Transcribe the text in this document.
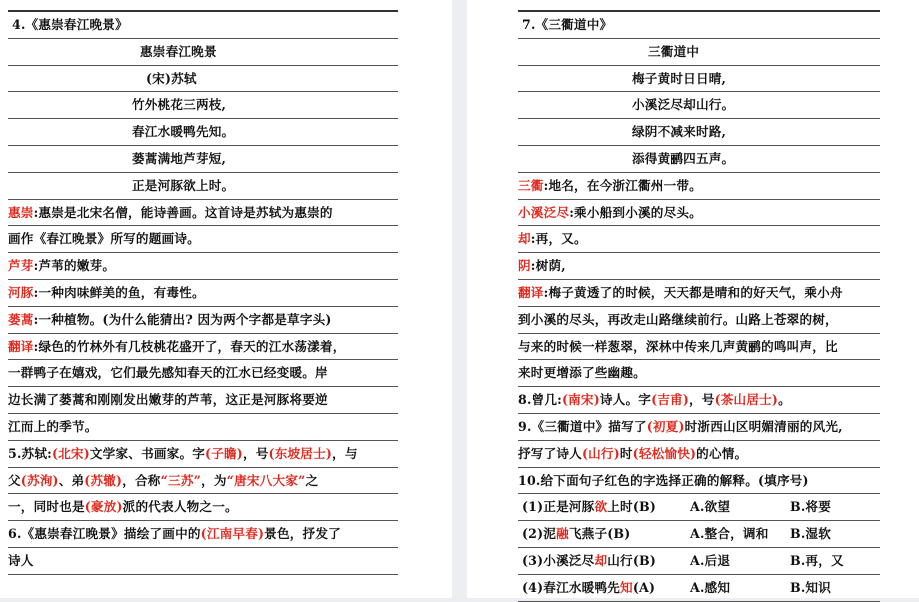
4.《惠崇春江晚景》
惠崇春江晚景
(宋)苏轼
竹外桃花三两枝,
春江水暖鸭先知。
蒌蒿满地芦芽短,
正是河豚欲上时。
惠崇:惠崇是北宋名僧，能诗善画。这首诗是苏轼为惠崇的
画作《春江晚景》所写的题画诗。
芦芽:芦苇的嫩芽。
河豚:一种肉味鲜美的鱼，有毒性。
蒌蒿:一种植物。(为什么能猜出? 因为两个字都是草字头)
翻译:绿色的竹林外有几枝桃花盛开了，春天的江水荡漾着，
一群鸭子在嬉戏，它们最先感知春天的江水已经变暖。岸
边长满了蒌蒿和刚刚发出嫩芽的芦苇，这正是河豚将要逆
江而上的季节。
5.苏轼:(北宋)文学家、书画家。字(子瞻)，号(东坡居士)，与
父(苏洵)、弟(苏辙)，合称“三苏”，为“唐宋八大家”之
一，同时也是(豪放)派的代表人物之一。
6.《惠崇春江晚景》描绘了画中的(江南早春)景色，抒发了
诗人
7.《三衢道中》
三衢道中
梅子黄时日日晴,
小溪泛尽却山行。
绿阴不减来时路,
添得黄鹂四五声。
三衢:地名，在今浙江衢州一带。
小溪泛尽:乘小船到小溪的尽头。
却:再，又。
阴:树荫,
翻译:梅子黄透了的时候，天天都是晴和的好天气，乘小舟
到小溪的尽头，再改走山路继续前行。山路上苍翠的树，
与来的时候一样葱翠，深林中传来几声黄鹂的鸣叫声，比
来时更增添了些幽趣。
8.曾几:(南宋)诗人。字(吉甫)，号(茶山居士)。
9.《三衢道中》描写了(初夏)时浙西山区明媚清丽的风光,
抒写了诗人(山行)时(轻松愉快)的心情。
10.给下面句子红色的字选择正确的解释。(填序号)
(1)正是河豚欲上时(B)	A.欲望	B.将要
(2)泥融飞燕子(B)	A.整合，调和 B.湿软
(3)小溪泛尽却山行(B)	A.后退	B.再，又
(4)春江水暖鸭先知(A)	A.感知	B.知识
